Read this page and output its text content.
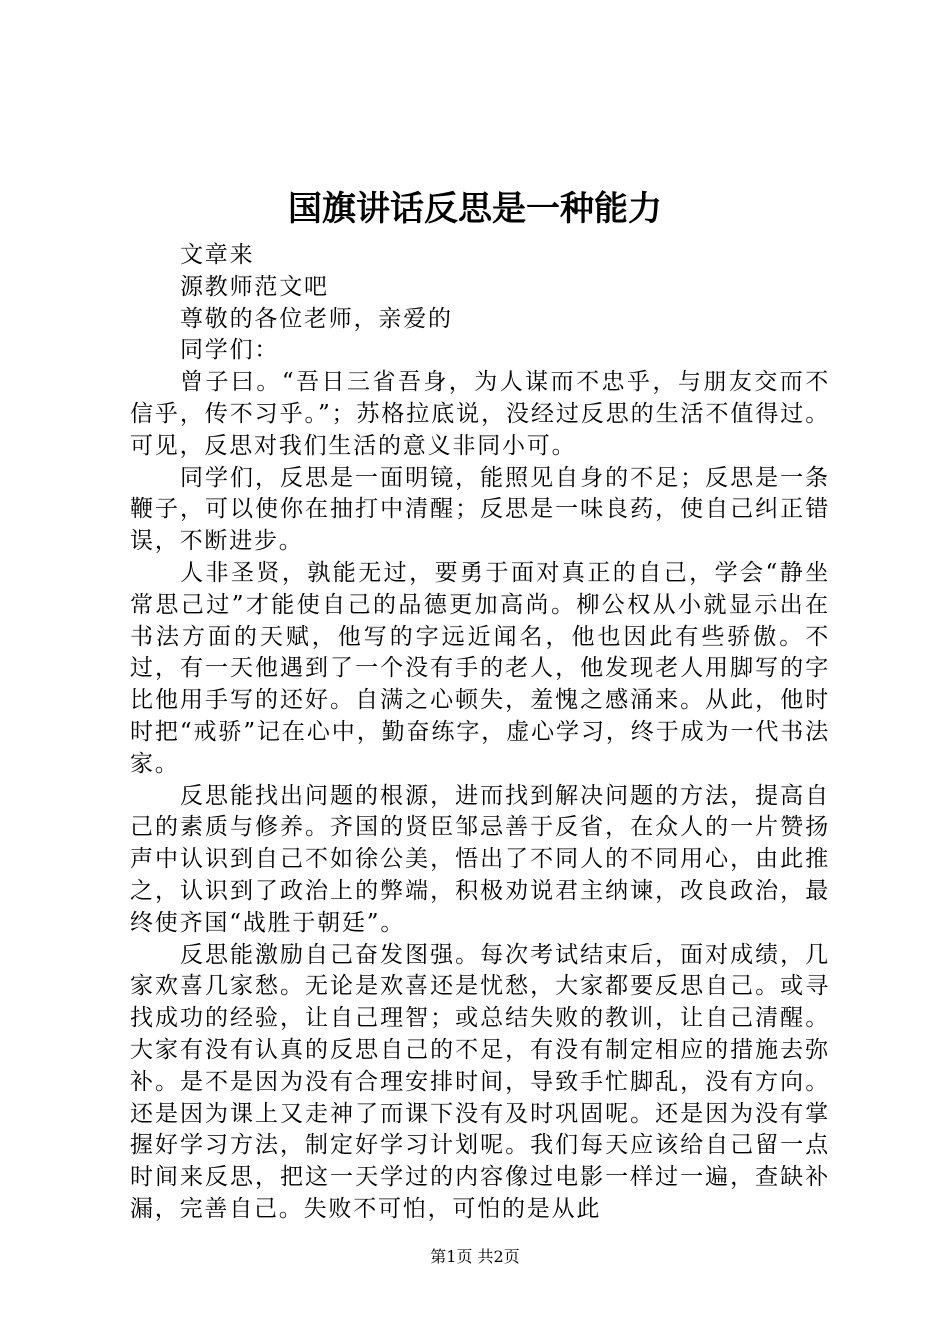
国旗讲话反思是一种能力

文章来

源教师范文吧

尊敬的各位老师，亲爱的

同学们：

曾子曰。“吾日三省吾身，为人谋而不忠乎，与朋友交而不信乎，传不习乎。”；苏格拉底说，没经过反思的生活不值得过。可见，反思对我们生活的意义非同小可。

同学们，反思是一面明镜，能照见自身的不足；反思是一条鞭子，可以使你在抽打中清醒；反思是一味良药，使自己纠正错误，不断进步。

人非圣贤，孰能无过，要勇于面对真正的自己，学会“静坐常思己过”才能使自己的品德更加高尚。柳公权从小就显示出在书法方面的天赋，他写的字远近闻名，他也因此有些骄傲。不过，有一天他遇到了一个没有手的老人，他发现老人用脚写的字比他用手写的还好。自满之心顿失，羞愧之感涌来。从此，他时时把“戒骄”记在心中，勤奋练字，虚心学习，终于成为一代书法家。

反思能找出问题的根源，进而找到解决问题的方法，提高自己的素质与修养。齐国的贤臣邹忌善于反省，在众人的一片赞扬声中认识到自己不如徐公美，悟出了不同人的不同用心，由此推之，认识到了政治上的弊端，积极劝说君主纳谏，改良政治，最终使齐国“战胜于朝廷”。

反思能激励自己奋发图强。每次考试结束后，面对成绩，几家欢喜几家愁。无论是欢喜还是忧愁，大家都要反思自己。或寻找成功的经验，让自己理智；或总结失败的教训，让自己清醒。大家有没有认真的反思自己的不足，有没有制定相应的措施去弥补。是不是因为没有合理安排时间，导致手忙脚乱，没有方向。还是因为课上又走神了而课下没有及时巩固呢。还是因为没有掌握好学习方法，制定好学习计划呢。我们每天应该给自己留一点时间来反思，把这一天学过的内容像过电影一样过一遍，查缺补漏，完善自己。失败不可怕，可怕的是从此

第1页 共2页
